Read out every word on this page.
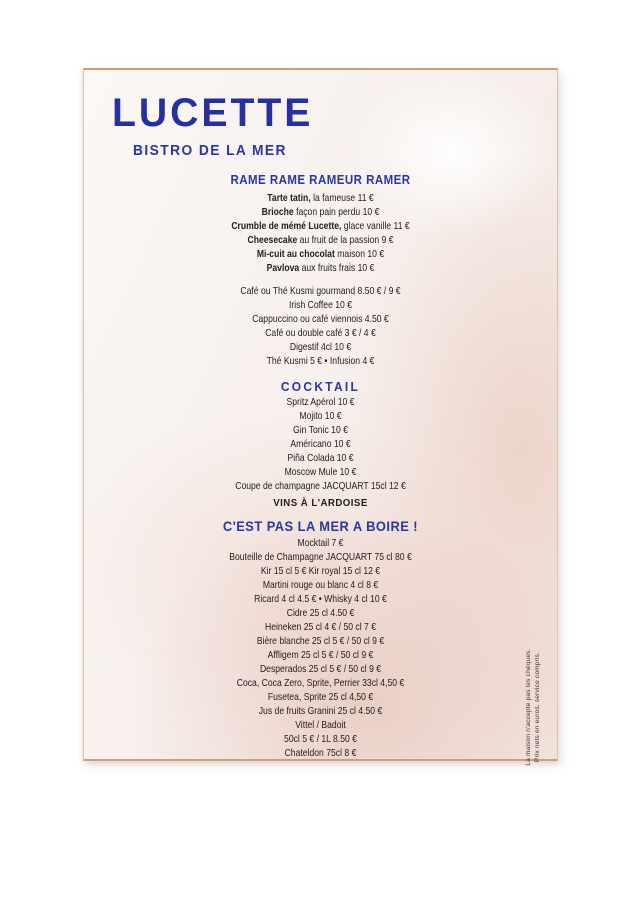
LUCETTE
BISTRO DE LA MER
RAME RAME RAMEUR RAMER
Tarte tatin, la fameuse 11 €
Brioche façon pain perdu 10 €
Crumble de mémé Lucette, glace vanille 11 €
Cheesecake au fruit de la passion 9 €
Mi-cuit au chocolat maison 10 €
Pavlova aux fruits frais 10 €
Café ou Thé Kusmi gourmand 8.50 € / 9 €
Irish Coffee 10 €
Cappuccino ou café viennois 4.50 €
Café ou double café 3 € / 4 €
Digestif 4cl 10 €
Thé Kusmi 5 € • Infusion 4 €
COCKTAIL
Spritz Apérol 10 €
Mojito 10 €
Gin Tonic 10 €
Américano 10 €
Piña Colada 10 €
Moscow Mule 10 €
Coupe de champagne JACQUART 15cl 12 €
VINS À L'ARDOISE
C'EST PAS LA MER A BOIRE !
Mocktail 7 €
Bouteille de Champagne JACQUART 75 cl 80 €
Kir 15 cl 5 € Kir royal 15 cl 12 €
Martini rouge ou blanc 4 cl 8 €
Ricard 4 cl 4.5 € • Whisky 4 cl 10 €
Cidre 25 cl 4.50 €
Heineken 25 cl 4 € / 50 cl 7 €
Bière blanche 25 cl 5 € / 50 cl 9 €
Affligem 25 cl 5 € / 50 cl 9 €
Desperados 25 cl 5 € / 50 cl 9 €
Coca, Coca Zero, Sprite, Perrier 33cl 4,50 €
Fusetea, Sprite 25 cl 4,50 €
Jus de fruits Granini 25 cl 4.50 €
Vittel / Badoit
50cl 5 € / 1L 8.50 €
Chateldon 75cl 8 €	La maison n'accepte pas les chèques. Prix nets en euros, service compris.
